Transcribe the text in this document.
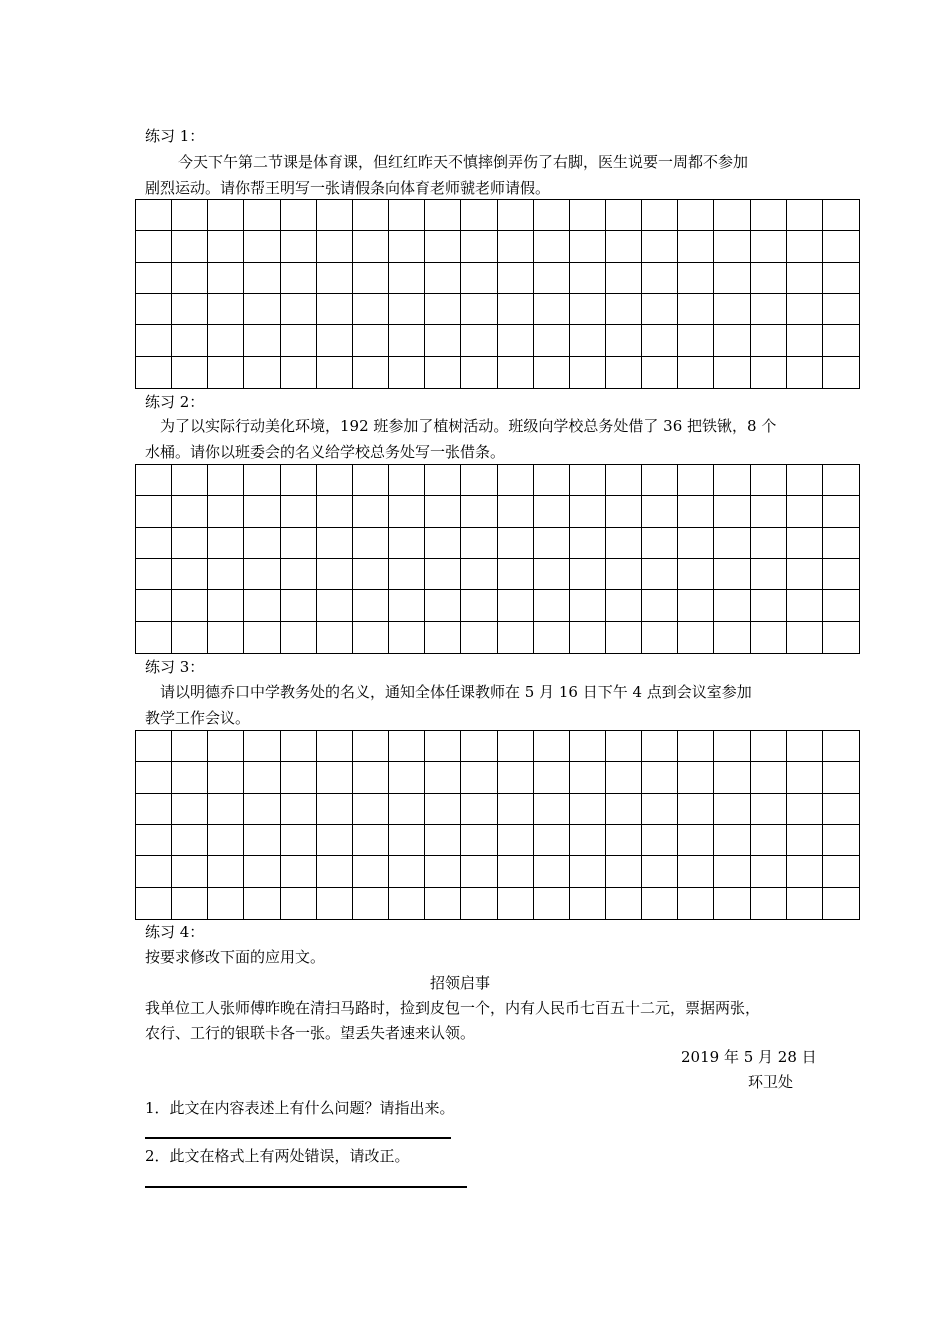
练习 1：
今天下午第二节课是体育课，但红红昨天不慎摔倒弄伤了右脚，医生说要一周都不参加
剧烈运动。请你帮王明写一张请假条向体育老师虢老师请假。
练习 2：
为了以实际行动美化环境，192 班参加了植树活动。班级向学校总务处借了 36 把铁锹，8 个
水桶。请你以班委会的名义给学校总务处写一张借条。
练习 3：
请以明德乔口中学教务处的名义，通知全体任课教师在 5 月 16 日下午 4 点到会议室参加
教学工作会议。
练习 4：
按要求修改下面的应用文。
招领启事
我单位工人张师傅昨晚在清扫马路时，捡到皮包一个，内有人民币七百五十二元，票据两张，
农行、工行的银联卡各一张。望丢失者速来认领。
2019 年 5 月 28 日
环卫处
1．此文在内容表述上有什么问题？请指出来。
2．此文在格式上有两处错误，请改正。
